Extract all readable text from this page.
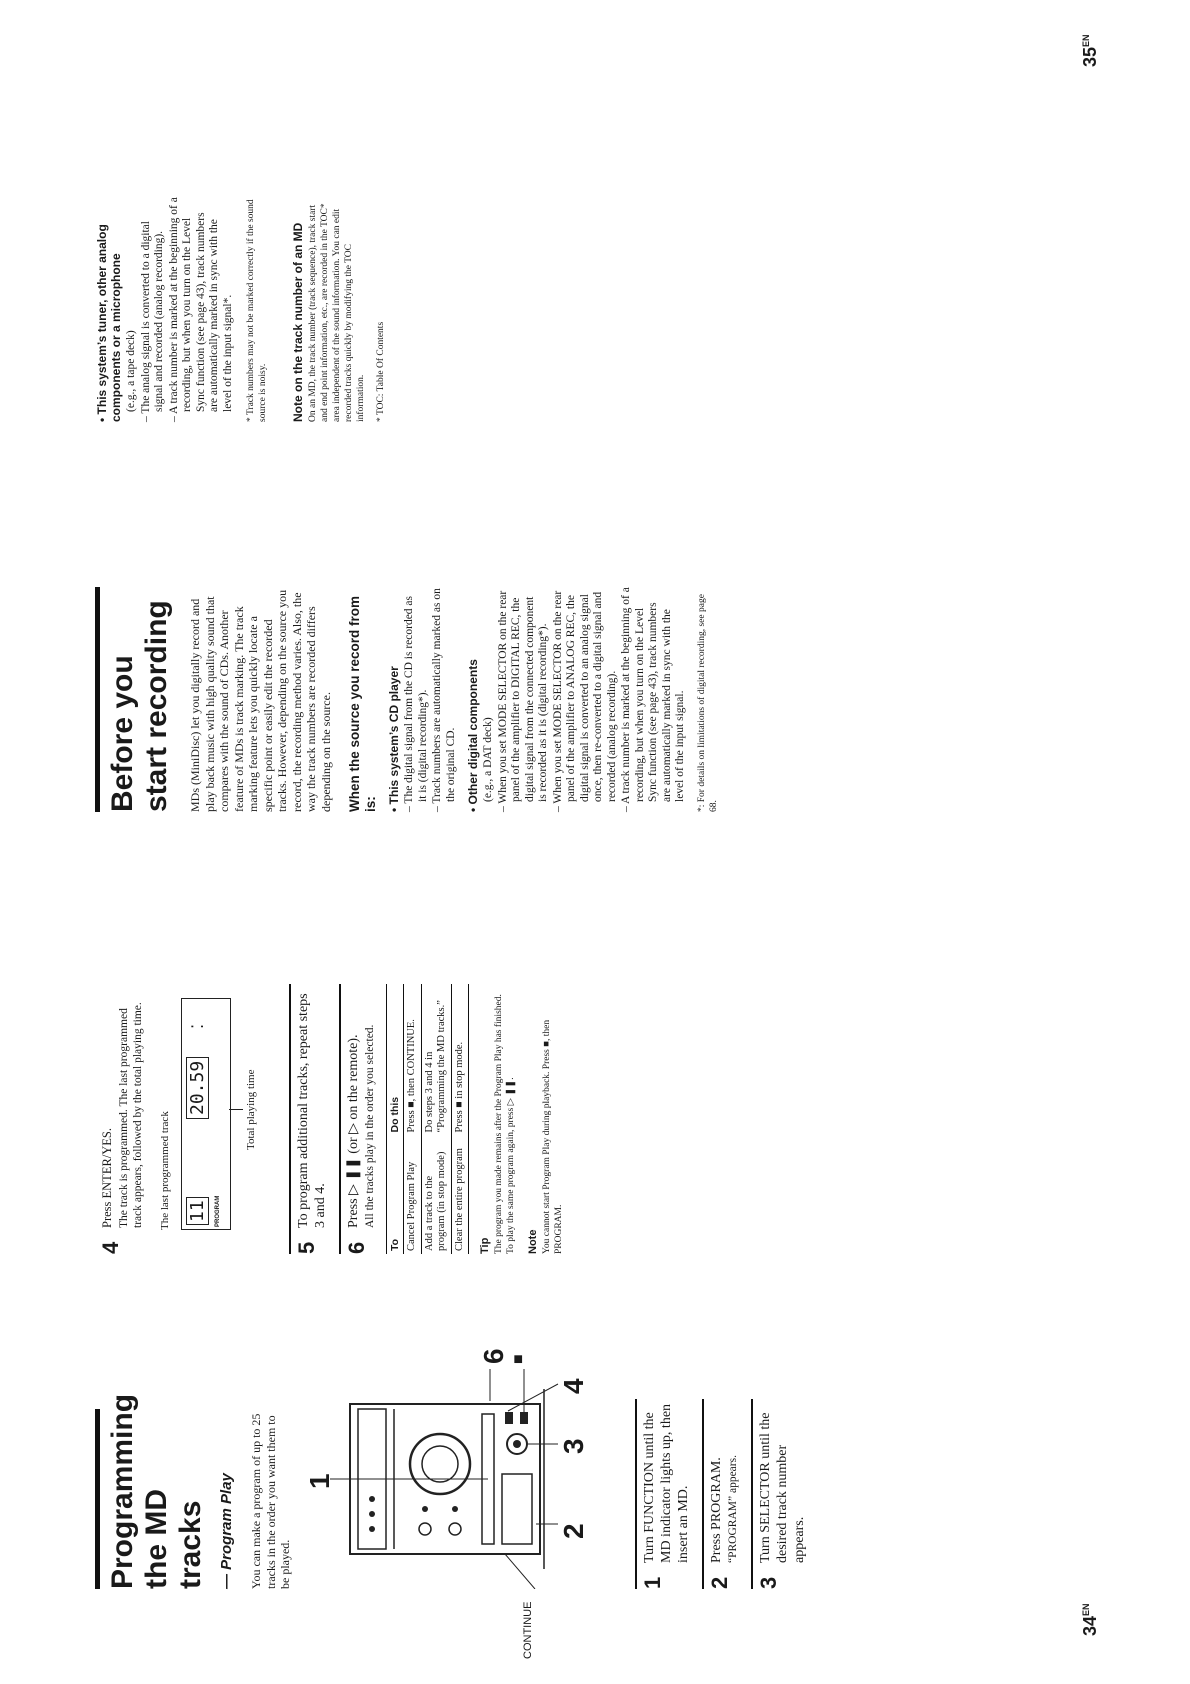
Programming the MD tracks — Program Play You can make a program of up to 25 tracks in the order you want them to be played.

1
CONTINUE
2
3
4
6 ■
1
Turn FUNCTION until the MD indicator lights up, then insert an MD.
2
Press PROGRAM. “PROGRAM” appears.
3
Turn SELECTOR until the desired track number appears.
4
Press ENTER/YES. The track is programmed. The last programmed track appears, followed by the total playing time. The last programmed track 11 PROGRAM
20.59
⁚
Total playing time
5
To program additional tracks, repeat steps 3 and 4.
6
Press ▷ ❚❚ (or ▷ on the remote). All the tracks play in the order you selected.
To	Do this
Cancel Program Play	Press ■, then CONTINUE.
Add a track to the program (in stop mode)	Do steps 3 and 4 in “Programming the MD tracks.”
Clear the entire program	Press ■ in stop mode.
Tip The program you made remains after the Program Play has finished. To play the same program again, press ▷ ❚❚. Note You cannot start Program Play during playback. Press ■, then PROGRAM.
$34^{EN}$
Before you start recording MDs (MiniDisc) let you digitally record and play back music with high quality sound that compares with the sound of CDs. Another feature of MDs is track marking. The track marking feature lets you quickly locate a specific point or easily edit the recorded tracks. However, depending on the source you record, the recording method varies. Also, the way the track numbers are recorded differs depending on the source. When the source you record from is: • This system’s CD player – The digital signal from the CD is recorded as it is (digital recording*). – Track numbers are automatically marked as on the original CD. • Other digital components (e.g., a DAT deck) – When you set MODE SELECTOR on the rear panel of the amplifier to DIGITAL REC, the digital signal from the connected component is recorded as it is (digital recording*). – When you set MODE SELECTOR on the rear panel of the amplifier to ANALOG REC, the digital signal is converted to an analog signal once, then re-converted to a digital signal and recorded (analog recording). – A track number is marked at the beginning of a recording, but when you turn on the Level Sync function (see page 43), track numbers are automatically marked in sync with the level of the input signal. *: For details on limitations of digital recording, see page 68.
• This system’s tuner, other analog components or a microphone (e.g., a tape deck) – The analog signal is converted to a digital signal and recorded (analog recording). – A track number is marked at the beginning of a recording, but when you turn on the Level Sync function (see page 43), track numbers are automatically marked in sync with the level of the input signal*. * Track numbers may not be marked correctly if the sound source is noisy. Note on the track number of an MD On an MD, the track number (track sequence), track start and end point information, etc., are recorded in the TOC* area independent of the sound information. You can edit recorded tracks quickly by modifying the TOC information. * TOC: Table Of Contents
$35^{EN}$
